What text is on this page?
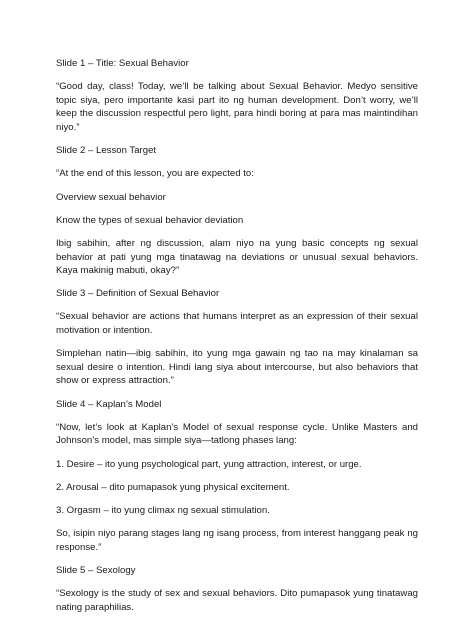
Slide 1 – Title: Sexual Behavior

“Good day, class! Today, we’ll be talking about Sexual Behavior. Medyo sensitive topic siya, pero importante kasi part ito ng human development. Don’t worry, we’ll keep the discussion respectful pero light, para hindi boring at para mas maintindihan niyo.”

Slide 2 – Lesson Target

“At the end of this lesson, you are expected to:

Overview sexual behavior

Know the types of sexual behavior deviation

Ibig sabihin, after ng discussion, alam niyo na yung basic concepts ng sexual behavior at pati yung mga tinatawag na deviations or unusual sexual behaviors. Kaya makinig mabuti, okay?”

Slide 3 – Definition of Sexual Behavior

“Sexual behavior are actions that humans interpret as an expression of their sexual motivation or intention.

Simplehan natin—ibig sabihin, ito yung mga gawain ng tao na may kinalaman sa sexual desire o intention. Hindi lang siya about intercourse, but also behaviors that show or express attraction.”

Slide 4 – Kaplan’s Model

“Now, let’s look at Kaplan’s Model of sexual response cycle. Unlike Masters and Johnson’s model, mas simple siya—tatlong phases lang:

1. Desire – ito yung psychological part, yung attraction, interest, or urge.

2. Arousal – dito pumapasok yung physical excitement.

3. Orgasm – ito yung climax ng sexual stimulation.

So, isipin niyo parang stages lang ng isang process, from interest hanggang peak ng response.”

Slide 5 – Sexology

“Sexology is the study of sex and sexual behaviors. Dito pumapasok yung tinatawag nating paraphilias.
